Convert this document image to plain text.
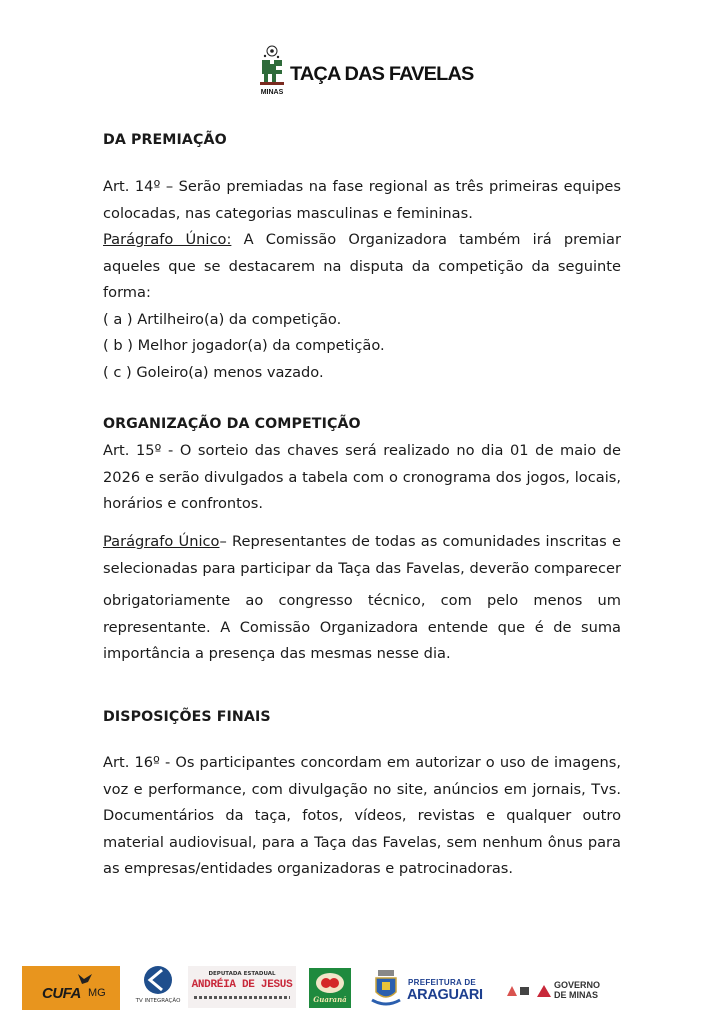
MINAS
TAÇA DAS FAVELAS
DA PREMIAÇÃO

Art. 14º – Serão premiadas na fase regional as três primeiras equipes
colocadas, nas categorias masculinas e femininas.
Parágrafo Único: A Comissão Organizadora também irá premiar
aqueles que se destacarem na disputa da competição da seguinte
forma:
( a ) Artilheiro(a) da competição.
( b ) Melhor jogador(a) da competição.
( c ) Goleiro(a) menos vazado.

ORGANIZAÇÃO DA COMPETIÇÃO

Art. 15º - O sorteio das chaves será realizado no dia 01 de maio de
2026 e serão divulgados a tabela com o cronograma dos jogos, locais,
horários e confrontos.

Parágrafo Único– Representantes de todas as comunidades inscritas e
selecionadas para participar da Taça das Favelas, deverão comparecer
obrigatoriamente ao congresso técnico, com pelo menos um
representante. A Comissão Organizadora entende que é de suma
importância a presença das mesmas nesse dia.

DISPOSIÇÕES FINAIS

Art. 16º - Os participantes concordam em autorizar o uso de imagens,
voz e performance, com divulgação no site, anúncios em jornais, Tvs.
Documentários da taça, fotos, vídeos, revistas e qualquer outro
material audiovisual, para a Taça das Favelas, sem nenhum ônus para
as empresas/entidades organizadoras e patrocinadoras.

CUFA MG
TV INTEGRAÇÃO
DEPUTADA ESTADUAL
ANDRÉIA DE JESUS
Guaraná
PREFEITURA DE
ARAGUARI
GOVERNO
DE MINAS
